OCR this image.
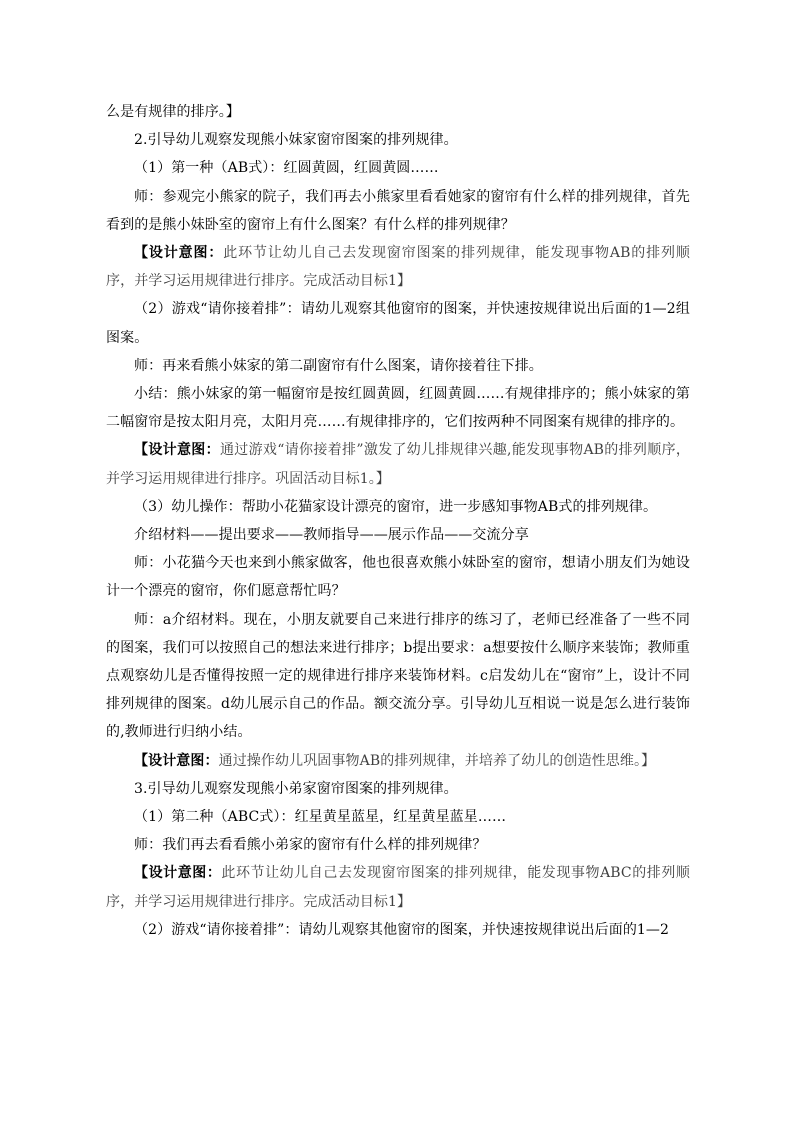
么是有规律的排序。】

2.引导幼儿观察发现熊小妹家窗帘图案的排列规律。

（1）第一种（AB式）：红圆黄圆，红圆黄圆……

师：参观完小熊家的院子，我们再去小熊家里看看她家的窗帘有什么样的排列规律，首先看到的是熊小妹卧室的窗帘上有什么图案？有什么样的排列规律？

【设计意图：此环节让幼儿自己去发现窗帘图案的排列规律，能发现事物AB的排列顺序，并学习运用规律进行排序。完成活动目标1】

（2）游戏“请你接着排”：请幼儿观察其他窗帘的图案，并快速按规律说出后面的1—2组图案。

师：再来看熊小妹家的第二副窗帘有什么图案，请你接着往下排。

小结：熊小妹家的第一幅窗帘是按红圆黄圆，红圆黄圆……有规律排序的；熊小妹家的第二幅窗帘是按太阳月亮，太阳月亮……有规律排序的，它们按两种不同图案有规律的排序的。

【设计意图：通过游戏“请你接着排”激发了幼儿排规律兴趣,能发现事物AB的排列顺序，并学习运用规律进行排序。巩固活动目标1。】

（3）幼儿操作：帮助小花猫家设计漂亮的窗帘，进一步感知事物AB式的排列规律。

介绍材料——提出要求——教师指导——展示作品——交流分享

师：小花猫今天也来到小熊家做客，他也很喜欢熊小妹卧室的窗帘，想请小朋友们为她设计一个漂亮的窗帘，你们愿意帮忙吗？

师：a介绍材料。现在，小朋友就要自己来进行排序的练习了，老师已经准备了一些不同的图案，我们可以按照自己的想法来进行排序；b提出要求：a想要按什么顺序来装饰；教师重点观察幼儿是否懂得按照一定的规律进行排序来装饰材料。c启发幼儿在“窗帘”上，设计不同排列规律的图案。d幼儿展示自己的作品。额交流分享。引导幼儿互相说一说是怎么进行装饰的,教师进行归纳小结。

【设计意图：通过操作幼儿巩固事物AB的排列规律，并培养了幼儿的创造性思维。】

3.引导幼儿观察发现熊小弟家窗帘图案的排列规律。

（1）第二种（ABC式）：红星黄星蓝星，红星黄星蓝星……

师：我们再去看看熊小弟家的窗帘有什么样的排列规律？

【设计意图：此环节让幼儿自己去发现窗帘图案的排列规律，能发现事物ABC的排列顺序，并学习运用规律进行排序。完成活动目标1】

（2）游戏“请你接着排”：请幼儿观察其他窗帘的图案，并快速按规律说出后面的1—2
